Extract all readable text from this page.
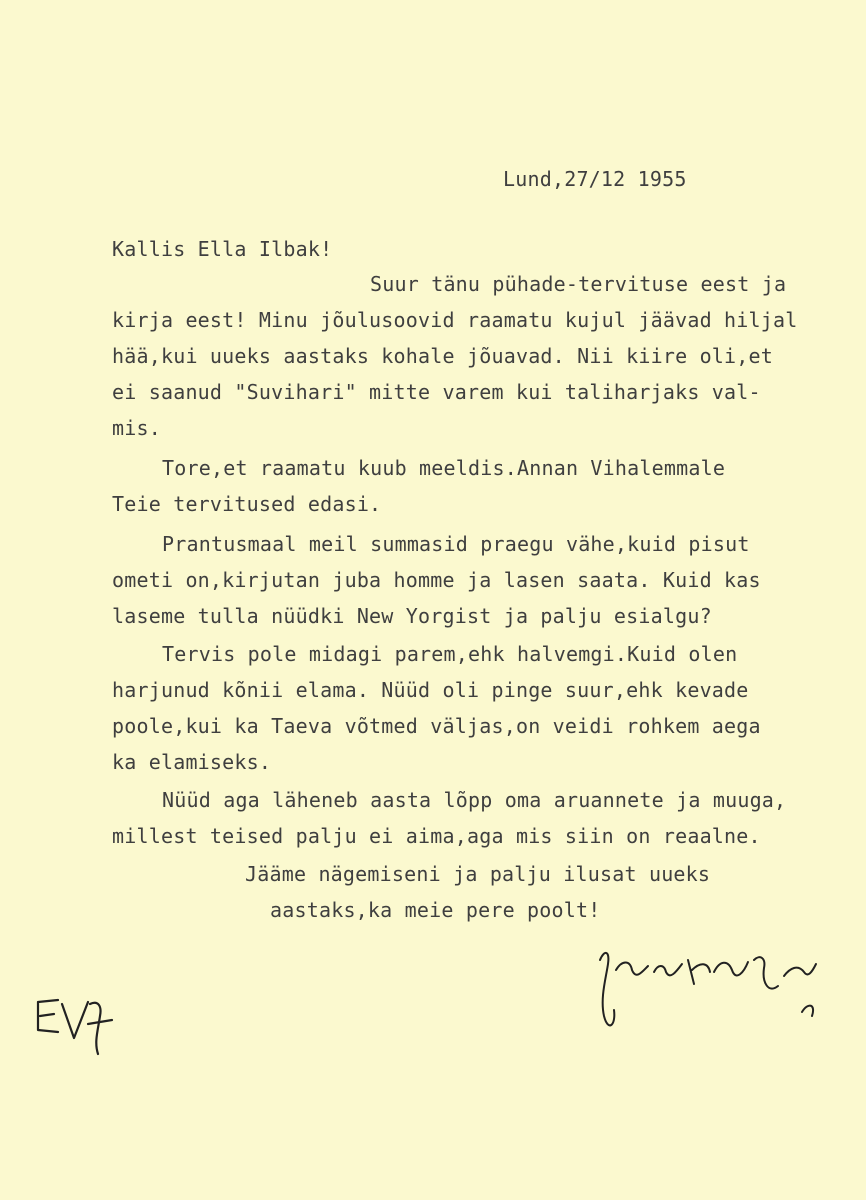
Lund,27/12 1955
Kallis Ella Ilbak!
Suur tänu pühade-tervituse eest ja
kirja eest! Minu jõulusoovid raamatu kujul jäävad hiljal
hää,kui uueks aastaks kohale jõuavad. Nii kiire oli,et
ei saanud "Suvihari" mitte varem kui taliharjaks val-
mis.
Tore,et raamatu kuub meeldis.Annan Vihalemmale
Teie tervitused edasi.
Prantusmaal meil summasid praegu vähe,kuid pisut
ometi on,kirjutan juba homme ja lasen saata. Kuid kas
laseme tulla nüüdki New Yorgist ja palju esialgu?
Tervis pole midagi parem,ehk halvemgi.Kuid olen
harjunud kõnii elama. Nüüd oli pinge suur,ehk kevade
poole,kui ka Taeva võtmed väljas,on veidi rohkem aega
ka elamiseks.
Nüüd aga läheneb aasta lõpp oma aruannete ja muuga,
millest teised palju ei aima,aga mis siin on reaalne.
Jääme nägemiseni ja palju ilusat uueks
aastaks,ka meie pere poolt!
